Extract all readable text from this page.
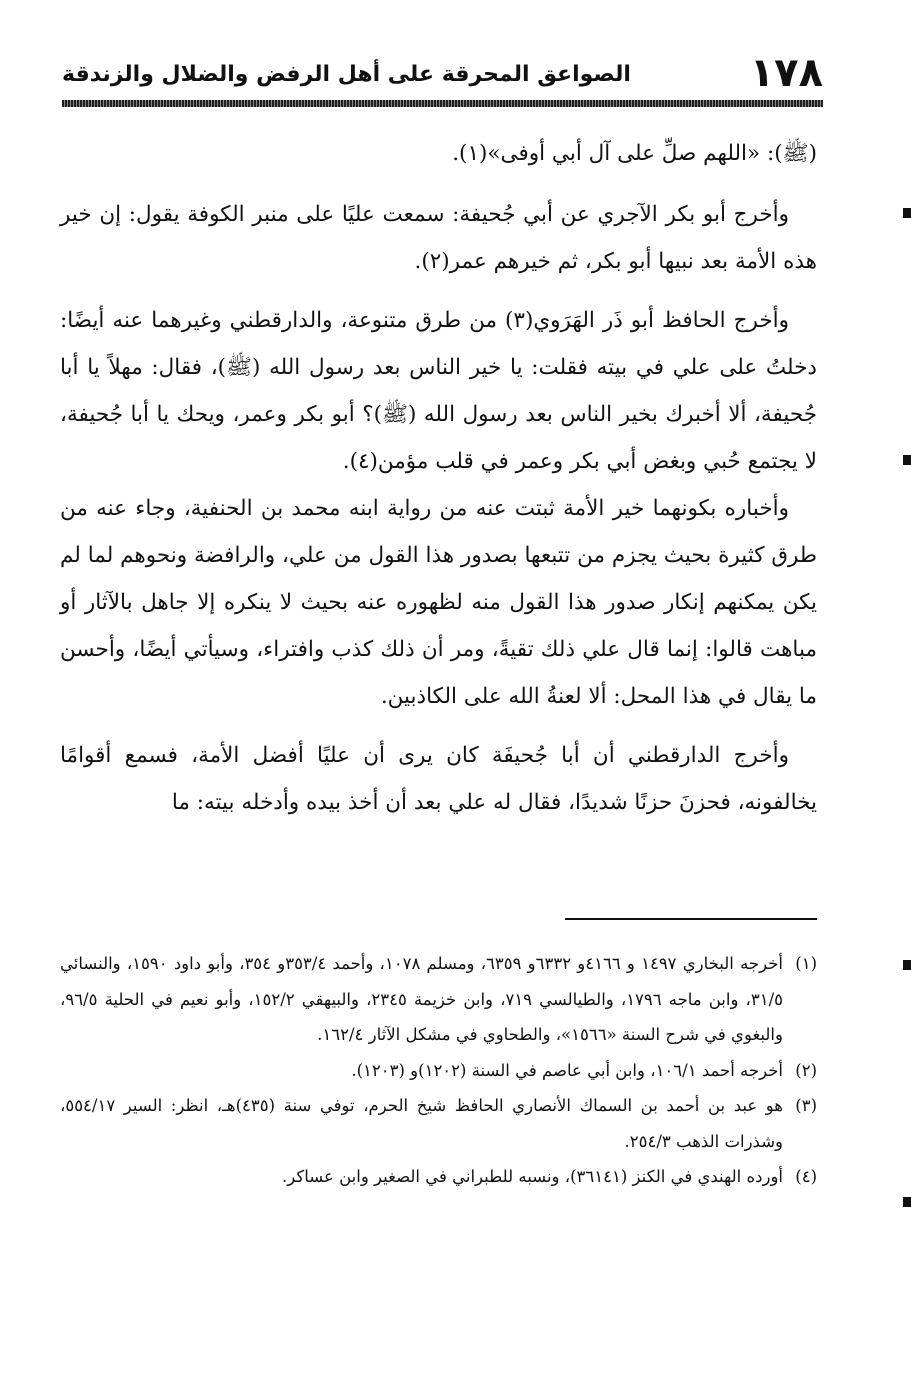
١٧٨
الصواعق المحرقة على أهل الرفض والضلال والزندقة

(ﷺ): «اللهم صلِّ على آل أبي أوفى»(١).

وأخرج أبو بكر الآجري عن أبي جُحيفة: سمعت عليًا على منبر الكوفة يقول: إن خير هذه الأمة بعد نبيها أبو بكر، ثم خيرهم عمر(٢).

وأخرج الحافظ أبو ذَر الهَرَوي(٣) من طرق متنوعة، والدارقطني وغيرهما عنه أيضًا: دخلتُ على علي في بيته فقلت: يا خير الناس بعد رسول الله (ﷺ)، فقال: مهلاً يا أبا جُحيفة، ألا أخبرك بخير الناس بعد رسول الله (ﷺ)؟ أبو بكر وعمر، ويحك يا أبا جُحيفة، لا يجتمع حُبي وبغض أبي بكر وعمر في قلب مؤمن(٤).

وأخباره بكونهما خير الأمة ثبتت عنه من رواية ابنه محمد بن الحنفية، وجاء عنه من طرق كثيرة بحيث يجزم من تتبعها بصدور هذا القول من علي، والرافضة ونحوهم لما لم يكن يمكنهم إنكار صدور هذا القول منه لظهوره عنه بحيث لا ينكره إلا جاهل بالآثار أو مباهت قالوا: إنما قال علي ذلك تقيةً، ومر أن ذلك كذب وافتراء، وسيأتي أيضًا، وأحسن ما يقال في هذا المحل: ألا لعنةُ الله على الكاذبين.

وأخرج الدارقطني أن أبا جُحيفَة كان يرى أن عليًا أفضل الأمة، فسمع أقوامًا يخالفونه، فحزنَ حزنًا شديدًا، فقال له علي بعد أن أخذ بيده وأدخله بيته: ما

(١)
أخرجه البخاري ١٤٩٧ و ٤١٦٦و ٦٣٣٢و ٦٣٥٩، ومسلم ١٠٧٨، وأحمد ٣٥٣/٤و ٣٥٤، وأبو داود ١٥٩٠، والنسائي ٣١/٥، وابن ماجه ١٧٩٦، والطيالسي ٧١٩، وابن خزيمة ٢٣٤٥، والبيهقي ١٥٢/٢، وأبو نعيم في الحلية ٩٦/٥، والبغوي في شرح السنة «١٥٦٦»، والطحاوي في مشكل الآثار ١٦٢/٤.

(٢)
أخرجه أحمد ١٠٦/١، وابن أبي عاصم في السنة (١٢٠٢)و (١٢٠٣).

(٣)
هو عبد بن أحمد بن السماك الأنصاري الحافظ شيخ الحرم، توفي سنة (٤٣٥)هـ، انظر: السير ٥٥٤/١٧، وشذرات الذهب ٢٥٤/٣.

(٤)
أورده الهندي في الكنز (٣٦١٤١)، ونسبه للطبراني في الصغير وابن عساكر.
